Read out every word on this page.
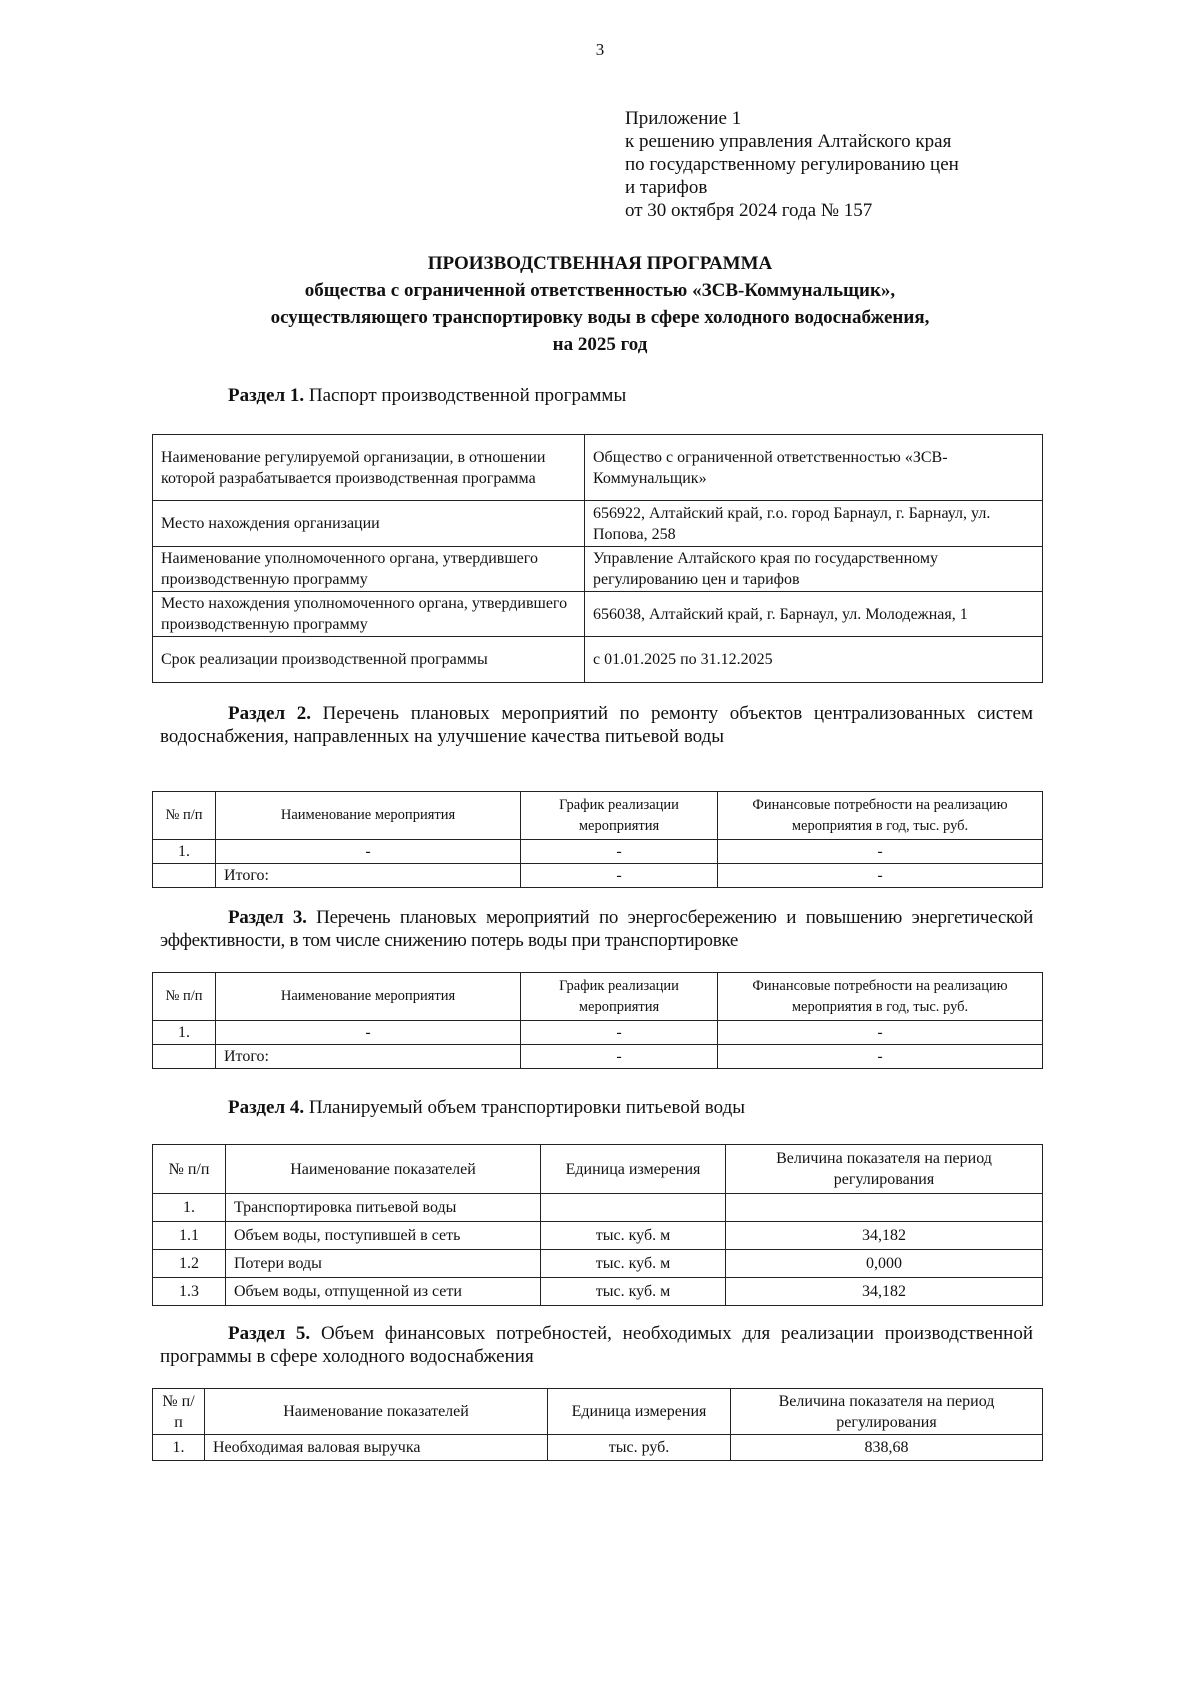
3
Приложение 1
к решению управления Алтайского края
по государственному регулированию цен
и тарифов
от 30 октября 2024 года № 157
ПРОИЗВОДСТВЕННАЯ ПРОГРАММА
общества с ограниченной ответственностью «ЗСВ-Коммунальщик»,
осуществляющего транспортировку воды в сфере холодного водоснабжения,
на 2025 год
Раздел 1. Паспорт производственной программы
Наименование регулируемой организации, в отношении которой разрабатывается производственная программа	Общество с ограниченной ответственностью «ЗСВ-Коммунальщик»
Место нахождения организации	656922, Алтайский край, г.о. город Барнаул, г. Барнаул, ул. Попова, 258
Наименование уполномоченного органа, утвердившего производственную программу	Управление Алтайского края по государственному регулированию цен и тарифов
Место нахождения уполномоченного органа, утвердившего производственную программу	656038, Алтайский край, г. Барнаул, ул. Молодежная, 1
Срок реализации производственной программы	с 01.01.2025 по 31.12.2025
Раздел 2. Перечень плановых мероприятий по ремонту объектов централизованных систем водоснабжения, направленных на улучшение качества питьевой воды
№ п/п	Наименование мероприятия	График реализации мероприятия	Финансовые потребности на реализацию мероприятия в год, тыс. руб.
1.	-	-	-
	Итого:	-	-
Раздел 3. Перечень плановых мероприятий по энергосбережению и повышению энергетической эффективности, в том числе снижению потерь воды при транспортировке
№ п/п	Наименование мероприятия	График реализации мероприятия	Финансовые потребности на реализацию мероприятия в год, тыс. руб.
1.	-	-	-
	Итого:	-	-
Раздел 4. Планируемый объем транспортировки питьевой воды
№ п/п	Наименование показателей	Единица измерения	Величина показателя на период регулирования
1.	Транспортировка питьевой воды		
1.1	Объем воды, поступившей в сеть	тыс. куб. м	34,182
1.2	Потери воды	тыс. куб. м	0,000
1.3	Объем воды, отпущенной из сети	тыс. куб. м	34,182
Раздел 5. Объем финансовых потребностей, необходимых для реализации производственной программы в сфере холодного водоснабжения
№ п/п	Наименование показателей	Единица измерения	Величина показателя на период регулирования
1.	Необходимая валовая выручка	тыс. руб.	838,68
